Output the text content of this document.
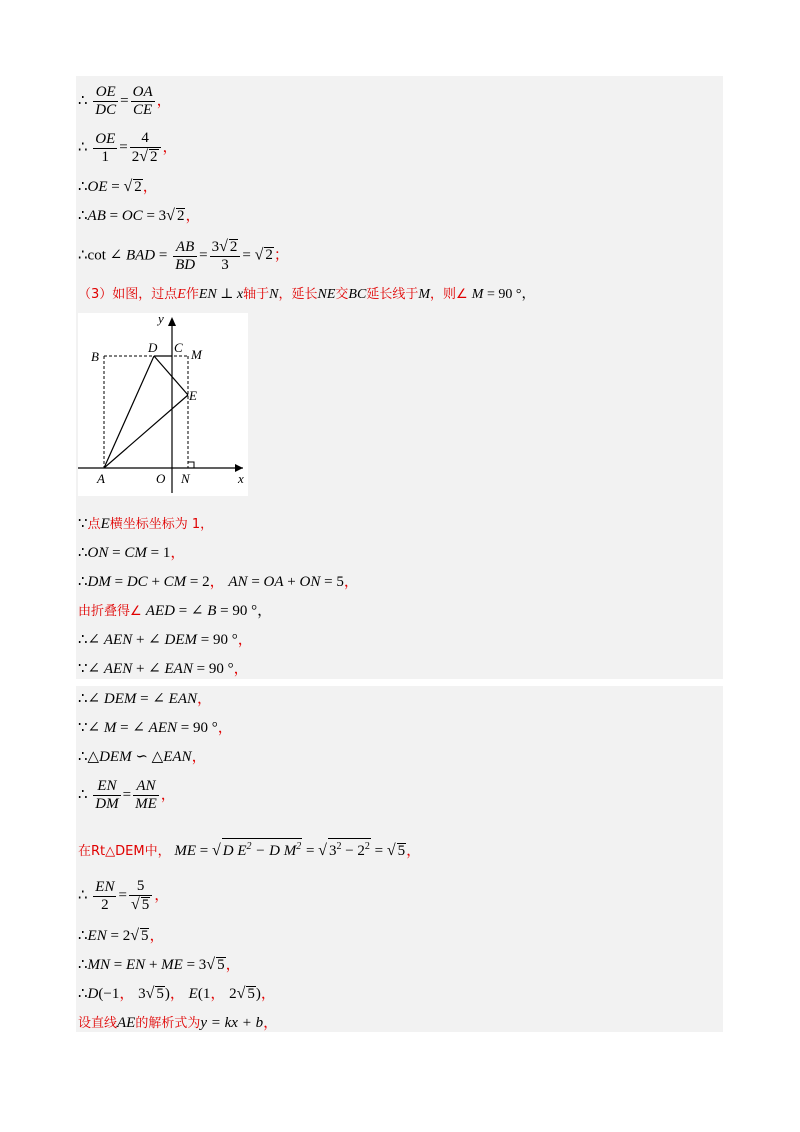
∴ $\frac{OE}{DC} = \frac{OA}{CE}$ ，
∴ $\frac{OE}{1} = \frac{4}{2√ 2}$ ，
∴OE = √ 2，
∴AB = OC = 3√ 2，
∴cot ∠ BAD = $\frac{AB}{BD} = \frac{3√ 2}{3}$ = √ 2；
（3）如图，过点E作EN ⊥ x轴于N，延长NE交BC延长线于M，则∠ M = 90 °，
y
x
B
D C M
E
A	O N
∵点E横坐标坐标为 1，
∴ON = CM = 1，
∴DM = DC + CM = 2， AN = OA + ON = 5，
由折叠得∠ AED = ∠ B = 90 °，
∴∠ AEN + ∠ DEM = 90 °，
∵∠ AEN + ∠ EAN = 90 °，
∴∠ DEM = ∠ EAN，
∵∠ M = ∠ AEN = 90 °，
∴△DEM ∽ △EAN，
∴ $\frac{EN}{DM} = \frac{AN}{ME}$ ，
在Rt△DEM中， ME = √ D $E^2 - D$ $M^2$ = √ $3^2 - 2^2$ = √ 5，
∴ $\frac{EN}{2} = \frac{5}{√ 5}$ ，
∴EN = 2√ 5，
∴MN = EN + ME = 3√ 5，
∴D(−1， 3√ 5)， E(1， 2√ 5)，
设直线AE的解析式为y = kx + b，
